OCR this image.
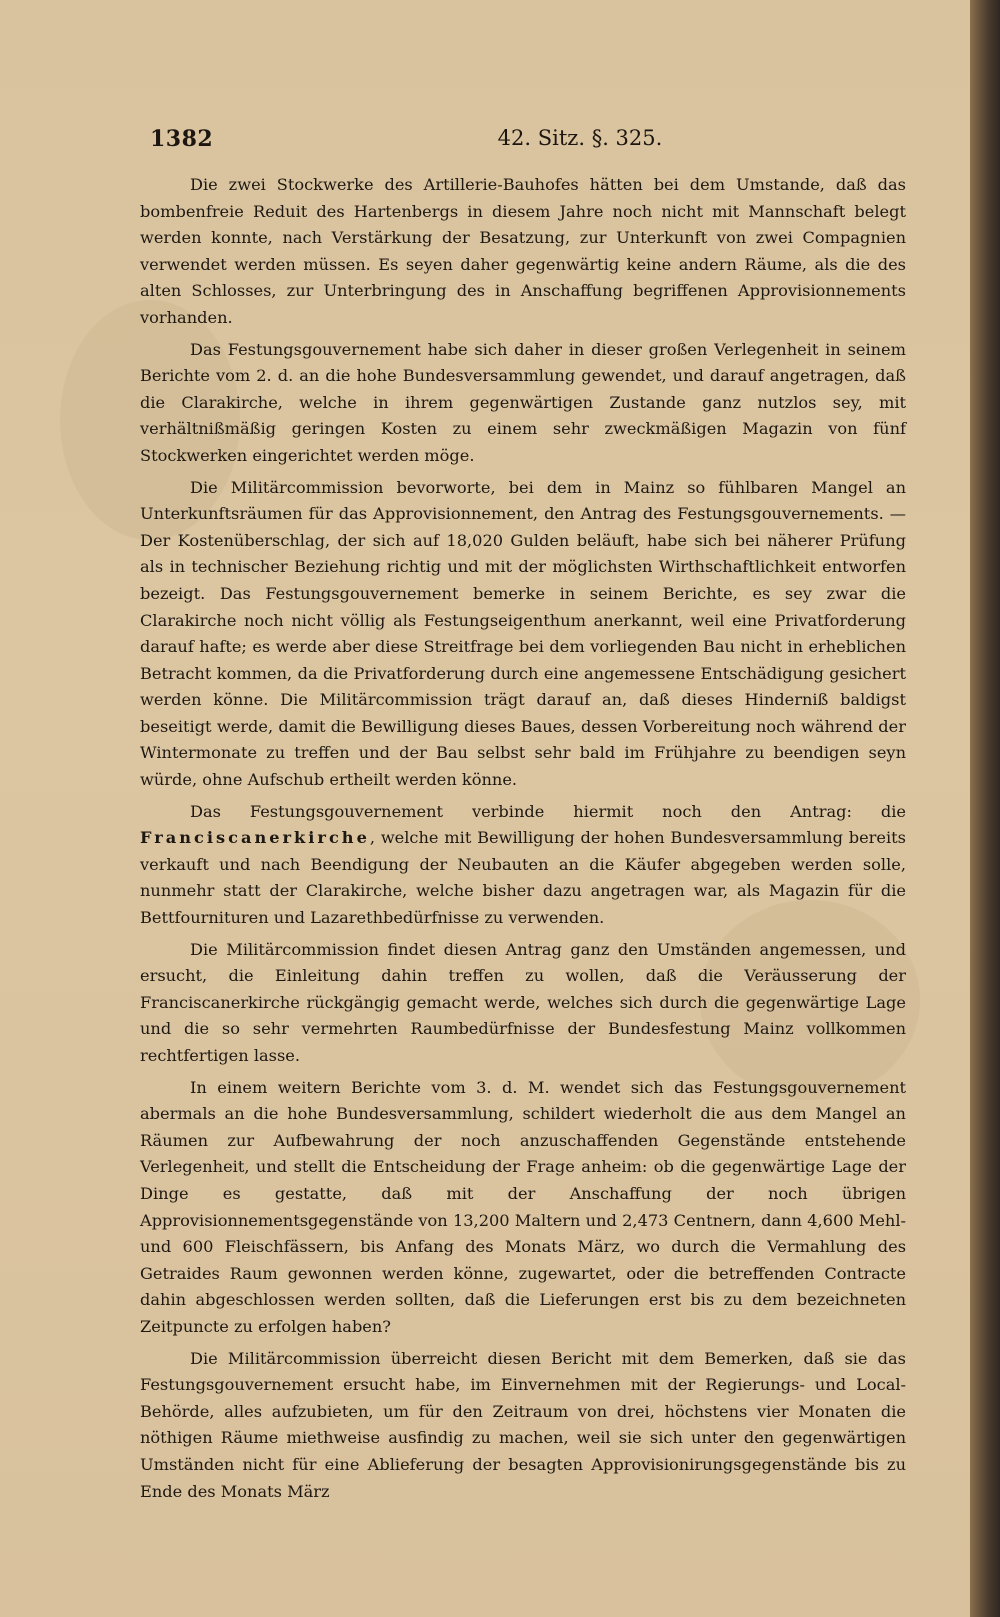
1382	42. Sitz. §. 325.

Die zwei Stockwerke des Artillerie-Bauhofes hätten bei dem Umstande, daß das bombenfreie Reduit des Hartenbergs in diesem Jahre noch nicht mit Mannschaft belegt werden konnte, nach Verstärkung der Besatzung, zur Unterkunft von zwei Compagnien verwendet werden müssen. Es seyen daher gegenwärtig keine andern Räume, als die des alten Schlosses, zur Unterbringung des in Anschaffung begriffenen Approvisionnements vorhanden.

Das Festungsgouvernement habe sich daher in dieser großen Verlegenheit in seinem Berichte vom 2. d. an die hohe Bundesversammlung gewendet, und darauf angetragen, daß die Clarakirche, welche in ihrem gegenwärtigen Zustande ganz nutzlos sey, mit verhältnißmäßig geringen Kosten zu einem sehr zweckmäßigen Magazin von fünf Stockwerken eingerichtet werden möge.

Die Militärcommission bevorworte, bei dem in Mainz so fühlbaren Mangel an Unterkunftsräumen für das Approvisionnement, den Antrag des Festungsgouvernements. — Der Kostenüberschlag, der sich auf 18,020 Gulden beläuft, habe sich bei näherer Prüfung als in technischer Beziehung richtig und mit der möglichsten Wirthschaftlichkeit entworfen bezeigt. Das Festungsgouvernement bemerke in seinem Berichte, es sey zwar die Clarakirche noch nicht völlig als Festungseigenthum anerkannt, weil eine Privatforderung darauf hafte; es werde aber diese Streitfrage bei dem vorliegenden Bau nicht in erheblichen Betracht kommen, da die Privatforderung durch eine angemessene Entschädigung gesichert werden könne. Die Militärcommission trägt darauf an, daß dieses Hinderniß baldigst beseitigt werde, damit die Bewilligung dieses Baues, dessen Vorbereitung noch während der Wintermonate zu treffen und der Bau selbst sehr bald im Frühjahre zu beendigen seyn würde, ohne Aufschub ertheilt werden könne.

Das Festungsgouvernement verbinde hiermit noch den Antrag: die Franciscanerkirche, welche mit Bewilligung der hohen Bundesversammlung bereits verkauft und nach Beendigung der Neubauten an die Käufer abgegeben werden solle, nunmehr statt der Clarakirche, welche bisher dazu angetragen war, als Magazin für die Bettfournituren und Lazarethbedürfnisse zu verwenden.

Die Militärcommission findet diesen Antrag ganz den Umständen angemessen, und ersucht, die Einleitung dahin treffen zu wollen, daß die Veräusserung der Franciscanerkirche rückgängig gemacht werde, welches sich durch die gegenwärtige Lage und die so sehr vermehrten Raumbedürfnisse der Bundesfestung Mainz vollkommen rechtfertigen lasse.

In einem weitern Berichte vom 3. d. M. wendet sich das Festungsgouvernement abermals an die hohe Bundesversammlung, schildert wiederholt die aus dem Mangel an Räumen zur Aufbewahrung der noch anzuschaffenden Gegenstände entstehende Verlegenheit, und stellt die Entscheidung der Frage anheim: ob die gegenwärtige Lage der Dinge es gestatte, daß mit der Anschaffung der noch übrigen Approvisionnementsgegenstände von 13,200 Maltern und 2,473 Centnern, dann 4,600 Mehl- und 600 Fleischfässern, bis Anfang des Monats März, wo durch die Vermahlung des Getraides Raum gewonnen werden könne, zugewartet, oder die betreffenden Contracte dahin abgeschlossen werden sollten, daß die Lieferungen erst bis zu dem bezeichneten Zeitpuncte zu erfolgen haben?

Die Militärcommission überreicht diesen Bericht mit dem Bemerken, daß sie das Festungsgouvernement ersucht habe, im Einvernehmen mit der Regierungs- und Local-Behörde, alles aufzubieten, um für den Zeitraum von drei, höchstens vier Monaten die nöthigen Räume miethweise ausfindig zu machen, weil sie sich unter den gegenwärtigen Umständen nicht für eine Ablieferung der besagten Approvisionirungsgegenstände bis zu Ende des Monats März
